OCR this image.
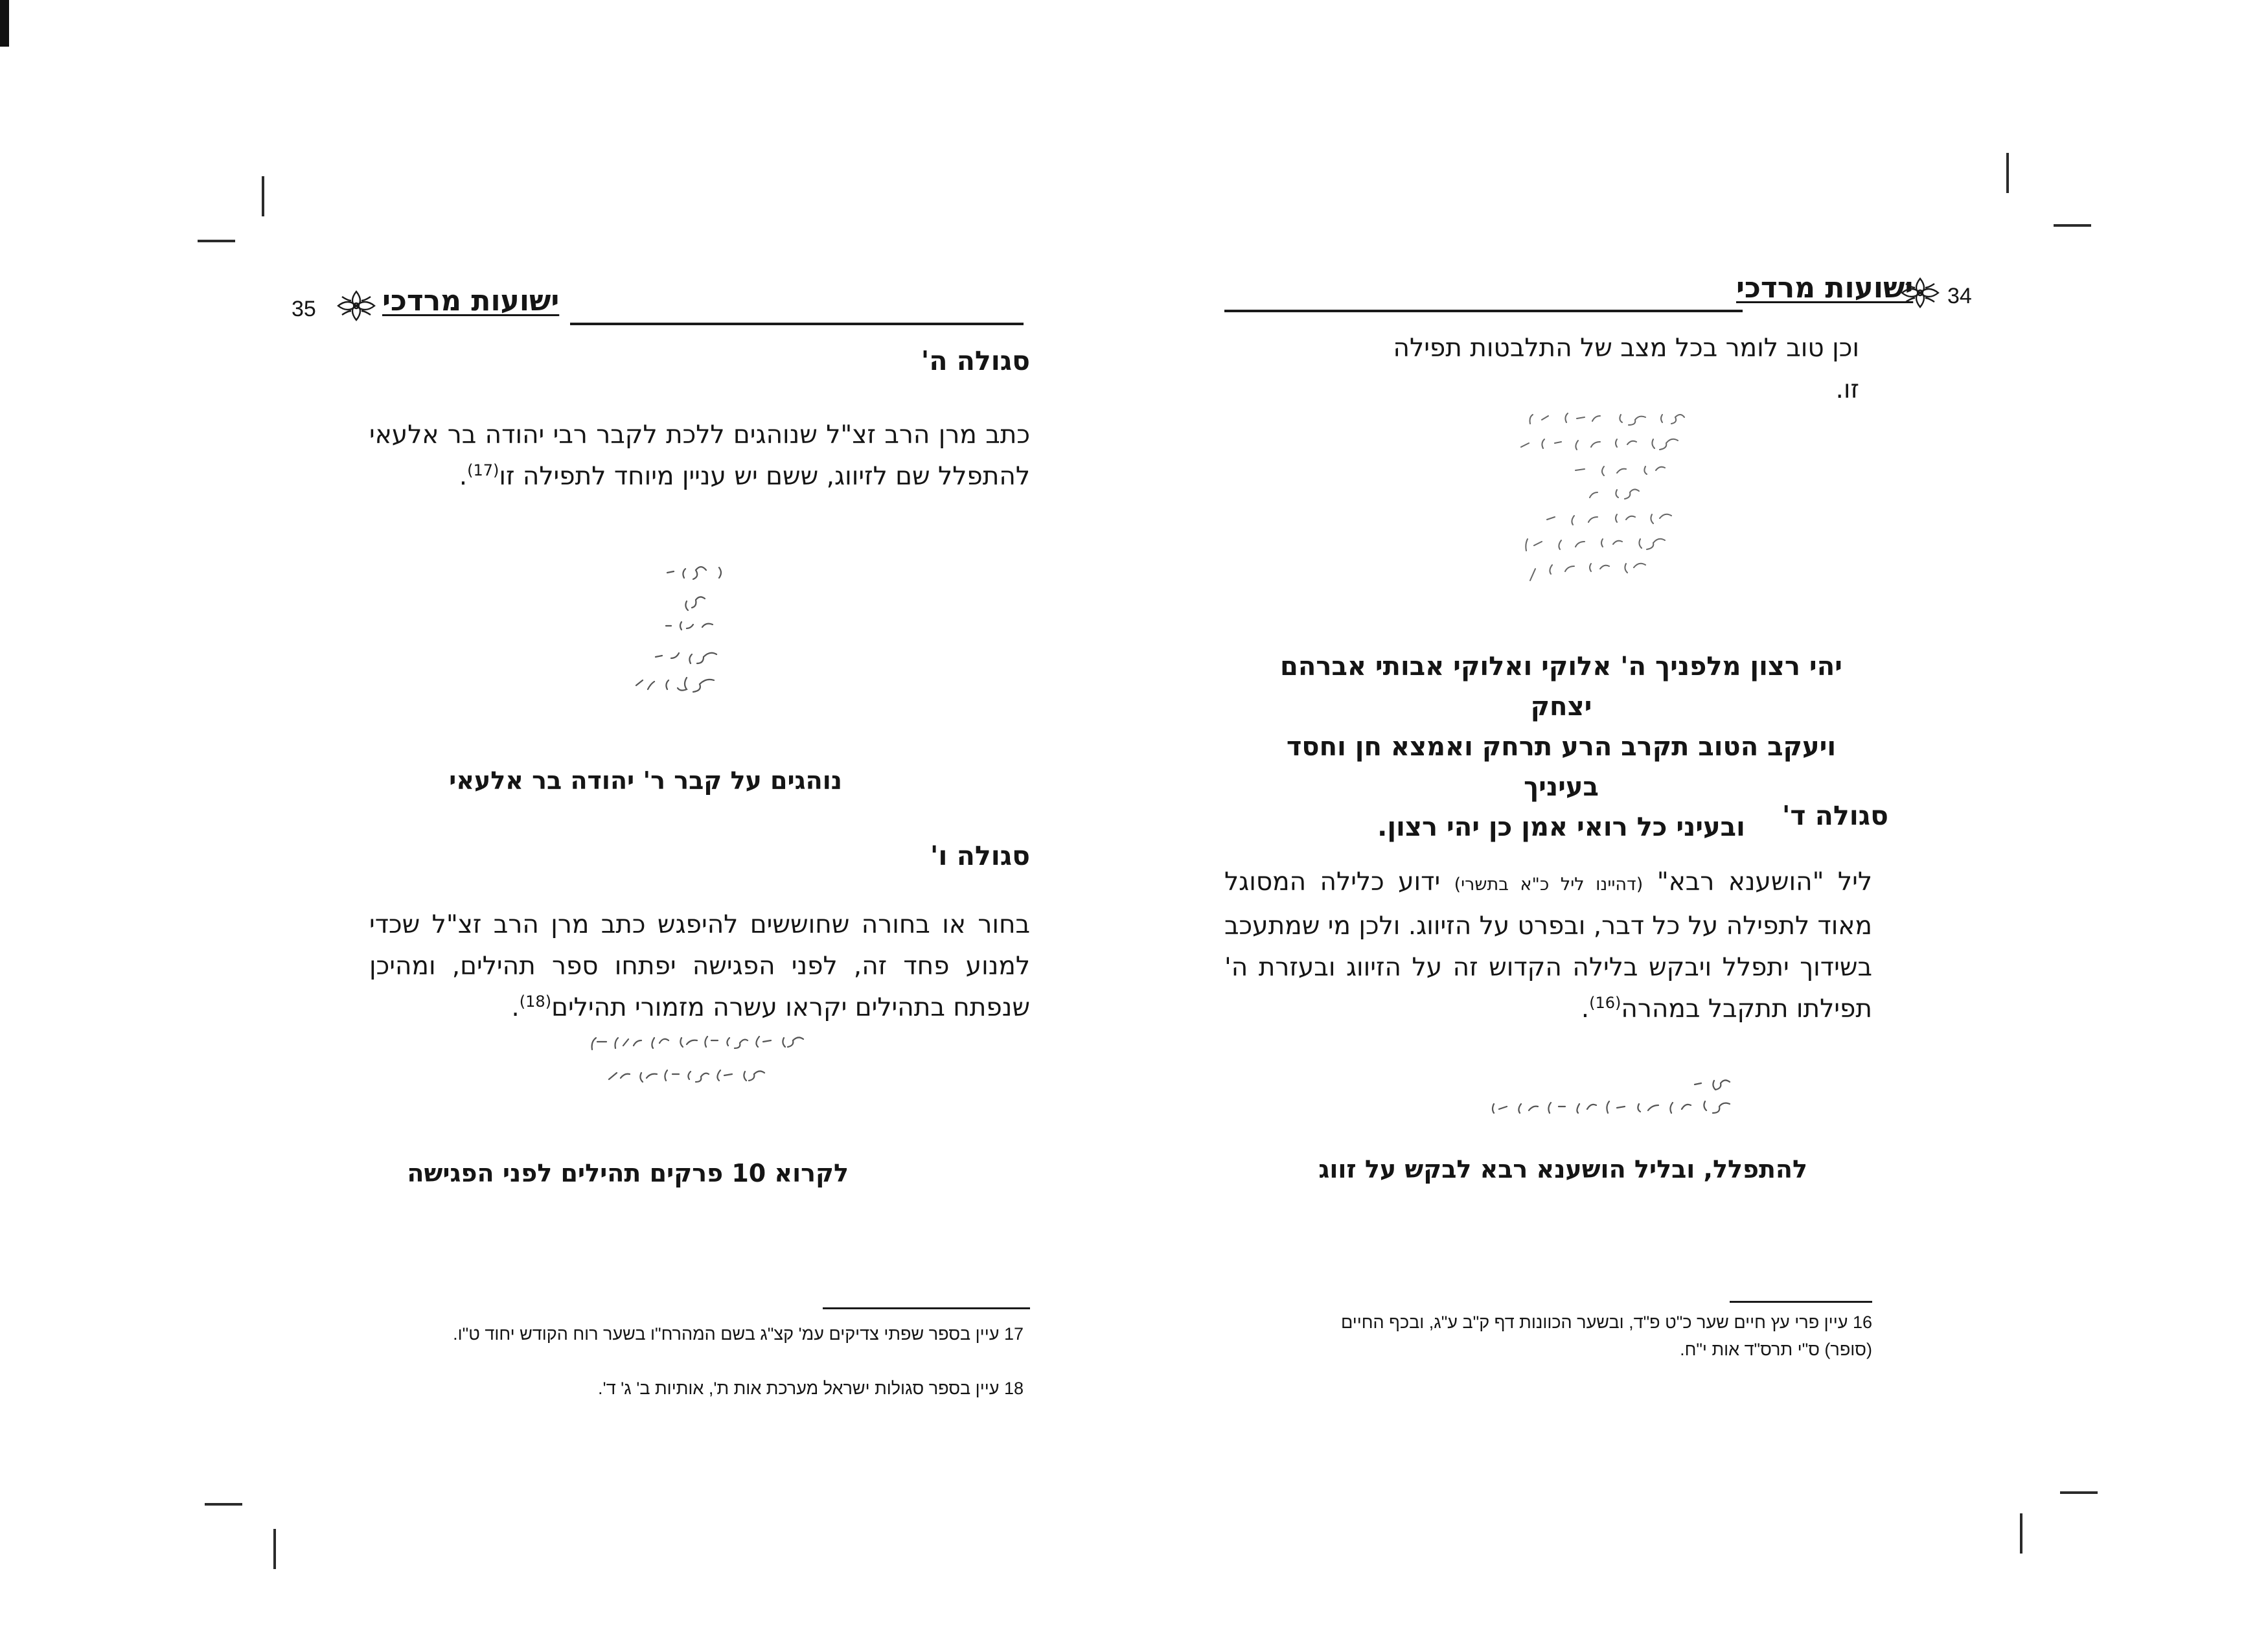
35 ישועות מרדכי
סגולה ה'
כתב מרן הרב זצ"ל שנוהגים ללכת לקבר רבי יהודה בר אלעאי להתפלל שם לזיווג, ששם יש עניין מיוחד לתפילה זו$^{(17)}$.
נוהגים על קבר ר' יהודה בר אלעאי
סגולה ו'
בחור או בחורה שחוששים להיפגש כתב מרן הרב זצ"ל שכדי למנוע פחד זה, לפני הפגישה יפתחו ספר תהילים, ומהיכן שנפתח בתהילים יקראו עשרה מזמורי תהילים$^{(18)}$.
לקרוא 10 פרקים תהילים לפני הפגישה
17 עיין בספר שפתי צדיקים עמ' קצ"ג בשם המהרח"ו בשער רוח הקודש יחוד ט"ו.
18 עיין בספר סגולות ישראל מערכת אות ת', אותיות ב' ג' ד'.
ישועות מרדכי 34
וכן טוב לומר בכל מצב של התלבטות תפילה זו.
יהי רצון מלפניך ה' אלוקי ואלוקי אבותי אברהם יצחק
ויעקב הטוב תקרב הרע תרחק ואמצא חן וחסד בעיניך
ובעיני כל רואי אמן כן יהי רצון.	סגולה ד'
ליל "הושענא רבא" (דהיינו ליל כ"א בתשרי) ידוע כלילה המסוגל מאוד לתפילה על כל דבר, ובפרט על הזיווג. ולכן מי שמתעכב בשידוך יתפלל ויבקש בלילה הקדוש זה על הזיווג ובעזרת ה' תפילתו תתקבל במהרה$^{(16)}$.
להתפלל, ובליל הושענא רבא לבקש על זווג
16 עיין פרי עץ חיים שער כ"ט פ"ד, ובשער הכוונות דף ק"ב ע"ג, ובכף החיים (סופר) ס"י תרס"ד אות י"ח.
